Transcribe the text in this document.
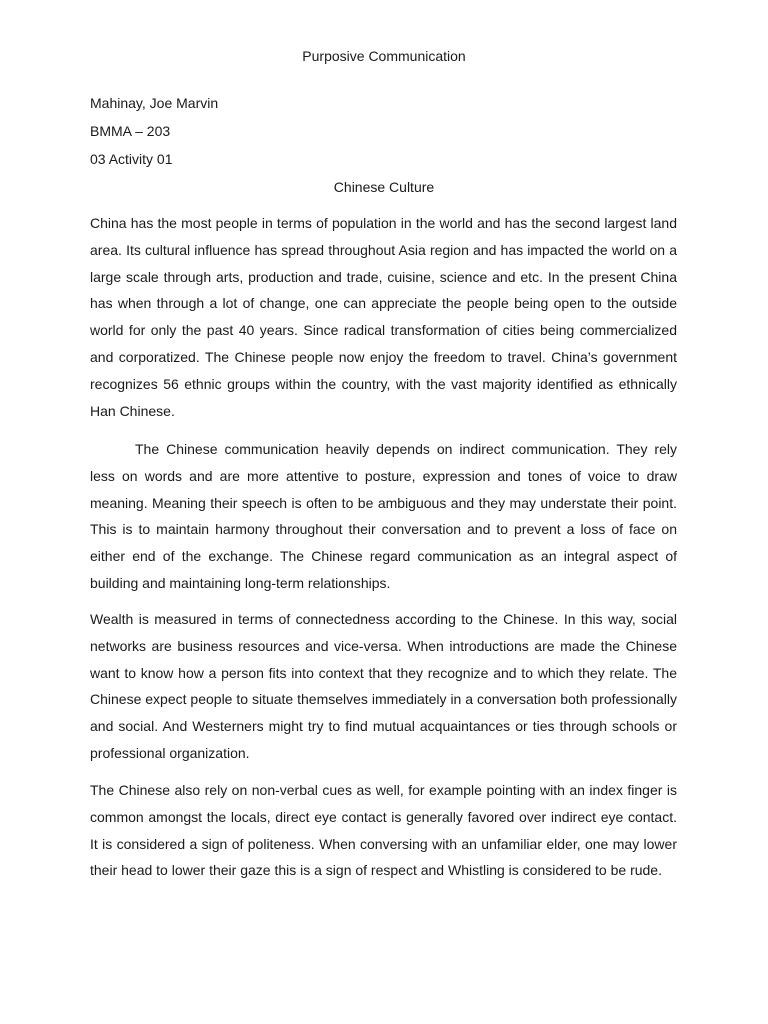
Purposive Communication
Mahinay, Joe Marvin
BMMA – 203
03 Activity 01
Chinese Culture

China has the most people in terms of population in the world and has the second largest land area. Its cultural influence has spread throughout Asia region and has impacted the world on a large scale through arts, production and trade, cuisine, science and etc. In the present China has when through a lot of change, one can appreciate the people being open to the outside world for only the past 40 years. Since radical transformation of cities being commercialized and corporatized. The Chinese people now enjoy the freedom to travel. China’s government recognizes 56 ethnic groups within the country, with the vast majority identified as ethnically Han Chinese.

The Chinese communication heavily depends on indirect communication. They rely less on words and are more attentive to posture, expression and tones of voice to draw meaning. Meaning their speech is often to be ambiguous and they may understate their point. This is to maintain harmony throughout their conversation and to prevent a loss of face on either end of the exchange. The Chinese regard communication as an integral aspect of building and maintaining long-term relationships.

Wealth is measured in terms of connectedness according to the Chinese. In this way, social networks are business resources and vice-versa. When introductions are made the Chinese want to know how a person fits into context that they recognize and to which they relate. The Chinese expect people to situate themselves immediately in a conversation both professionally and social. And Westerners might try to find mutual acquaintances or ties through schools or professional organization.

The Chinese also rely on non-verbal cues as well, for example pointing with an index finger is common amongst the locals, direct eye contact is generally favored over indirect eye contact. It is considered a sign of politeness. When conversing with an unfamiliar elder, one may lower their head to lower their gaze this is a sign of respect and Whistling is considered to be rude.
